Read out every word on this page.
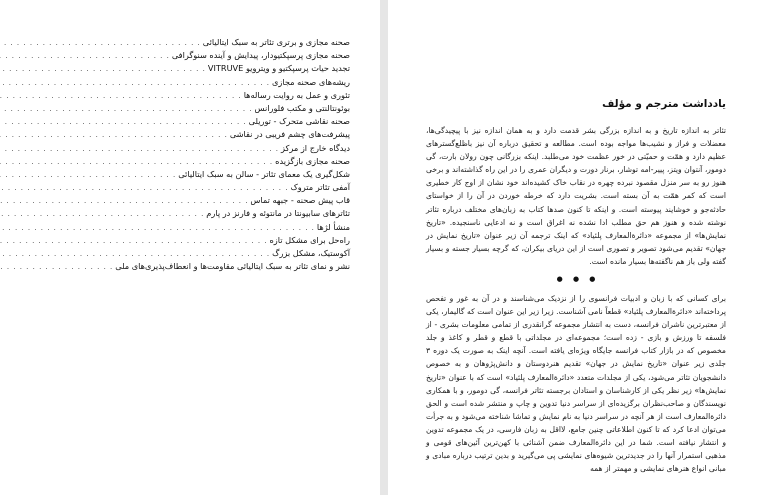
صحنه مجازی و برتری تئاتر به سبک ایتالیائی
. . .
صحنه مجازی پرسپکتیودار، پیدایش و آینده سنوگرافی
. . .
تجدید حیات پرسپکتیو و ویترویو VITRUVE
. . .
ریشه‌های صحنه مجازی
. . .
تئوری و عمل به روایت رساله‌ها
. . .
بوئونتالنتی و مکتب فلورانس
. . .
صحنه نقاشی متحرک - توریلی
. . .
پیشرفت‌های چشم فریبی در نقاشی
. . .
دیدگاه خارج از مرکز
. . .
صحنه مجازی بازگزیده
. . .
شکل‌گیری یک معمای تئاتر - سالن به سبک ایتالیائی
. . .
آمفی تئاتر متروک
. . .
قاب پیش صحنه - جبهه تماس
. . .
تئاترهای سابیونتا در مانتوئه و فارنز در پارم
. . .
منشأ لژها
. . .
راه‌حل برای مشکل تازه
. . .
آکوستیک، مشکل بزرگ
. . .
نشر و نمای تئاتر به سبک ایتالیائی مقاومت‌ها و انعطاف‌پذیری‌های ملی
. . .
یادداشت مترجم و مؤلف

تئاتر به اندازه تاریخ و به اندازه بزرگی بشر قدمت دارد و به همان اندازه نیز با پیچیدگی‌ها، معضلات و فراز و نشیب‌ها مواجه بوده است. مطالعه و تحقیق درباره آن نیز با‌ظلع‌گسترهای عظیم دارد و همّت و حمیّتی در خور عظمت خود می‌طلبد. اینکه بزرگانی چون رولان بارت، گی دومور، آنتوان ویتز، پییر-امه توشار، برنار دورت و دیگران عمری را در این راه گذاشته‌اند و برخی هنوز رو به سر منزل مقصود نبرده چهره در نقاب خاک کشیده‌اند خود نشان از اوج کار خطیری است که کمر همّت به آن بسته است. بشریت دارد که خرطه خوردن در آن را از خواستای حادثه‌جو و خوشایند پیوسته است. و اینکه تا کنون صدها کتاب به زبان‌های مختلف درباره تئاتر نوشته شده و هنوز هم حق مطلب ادا نشده نه اغراق است و نه ادعایی ناسنجیده. «تاریخ نمایش‌ها» از مجموعه «دائرةالمعارف پلئیاد» که اینک ترجمه آن زیر عنوان «تاریخ نمایش در جهان» تقدیم می‌شود تصویر و تصوری است از این دریای بیکران، که گرچه بسیار جسته و بسیار گفته ولی باز هم ناگفته‌ها بسیار مانده است.

● ● ●

برای کسانی که با زبان و ادبیات فرانسوی را از نزدیک می‌شناسند و در آن به غور و تفحص پرداخته‌اند «دائرةالمعارف پلئیاد» قطعاً نامی آشناست. زیرا زیر این عنوان است که گالیمار، یکی از معتبرترین ناشران فرانسه، دست به انتشار مجموعه گرانقدری از تمامی معلومات بشری - از فلسفه تا ورزش و بازی - زده است؛ مجموعه‌ای در مجلداتی با قطع و قطر و کاغذ و جلد مخصوص که در بازار کتاب فرانسه جایگاه ویژه‌ای یافته است. آنچه اینک به صورت یک دوره ۳ جلدی زیر عنوان «تاریخ نمایش در جهان» تقدیم هنردوستان و دانش‌پژوهان و به خصوص دانشجویان تئاتر می‌شود، یکی از مجلدات متعدد «دائرةالمعارف پلئیاد» است که با عنوان «تاریخ نمایش‌ها» زیر نظر یکی از کارشناسان و استادان برجسته تئاتر فرانسه، گی دومور، و با همکاری نویسندگان و صاحب‌نظران برگزیده‌ای از سراسر دنیا تدوین و چاپ و منتشر شده است و الحق دائرةالمعارف است از هر آنچه در سراسر دنیا به نام نمایش و تماشا شناخته می‌شود و به جرأت می‌توان ادعا کرد که تا کنون اطلاعاتی چنین جامع، لااقل به زبان فارسی، در یک مجموعه تدوین و انتشار نیافته است. شما در این دائرةالمعارف ضمن آشنائی با کهن‌ترین آئین‌های قومی و مذهبی استمرار آنها را در جدیدترین شیوه‌های نمایشی پی می‌گیرید و بدین ترتیب درباره مبادی و مبانی انواع هنرهای نمایشی و مهمتر از همه
